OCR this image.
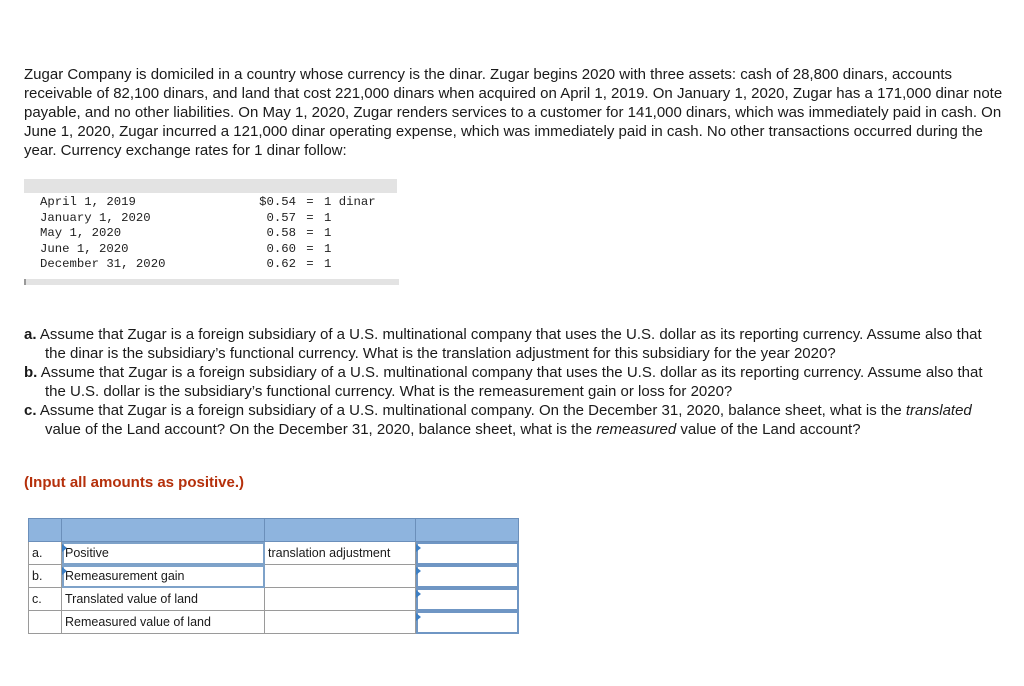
Zugar Company is domiciled in a country whose currency is the dinar. Zugar begins 2020 with three assets: cash of 28,800 dinars, accounts receivable of 82,100 dinars, and land that cost 221,000 dinars when acquired on April 1, 2019. On January 1, 2020, Zugar has a 171,000 dinar note payable, and no other liabilities. On May 1, 2020, Zugar renders services to a customer for 141,000 dinars, which was immediately paid in cash. On June 1, 2020, Zugar incurred a 121,000 dinar operating expense, which was immediately paid in cash. No other transactions occurred during the year. Currency exchange rates for 1 dinar follow:
April 1, 2019	$0.54	=	1 dinar
January 1, 2020	0.57	=	1
May 1, 2020	0.58	=	1
June 1, 2020	0.60	=	1
December 31, 2020	0.62	=	1
a. Assume that Zugar is a foreign subsidiary of a U.S. multinational company that uses the U.S. dollar as its reporting currency. Assume also that the dinar is the subsidiary’s functional currency. What is the translation adjustment for this subsidiary for the year 2020?
b. Assume that Zugar is a foreign subsidiary of a U.S. multinational company that uses the U.S. dollar as its reporting currency. Assume also that the U.S. dollar is the subsidiary’s functional currency. What is the remeasurement gain or loss for 2020?
c. Assume that Zugar is a foreign subsidiary of a U.S. multinational company. On the December 31, 2020, balance sheet, what is the translated value of the Land account? On the December 31, 2020, balance sheet, what is the remeasured value of the Land account?
(Input all amounts as positive.)

a.	Positive	translation adjustment	

b.	Remeasurement gain		

c.	Translated value of land		

	Remeasured value of land		
